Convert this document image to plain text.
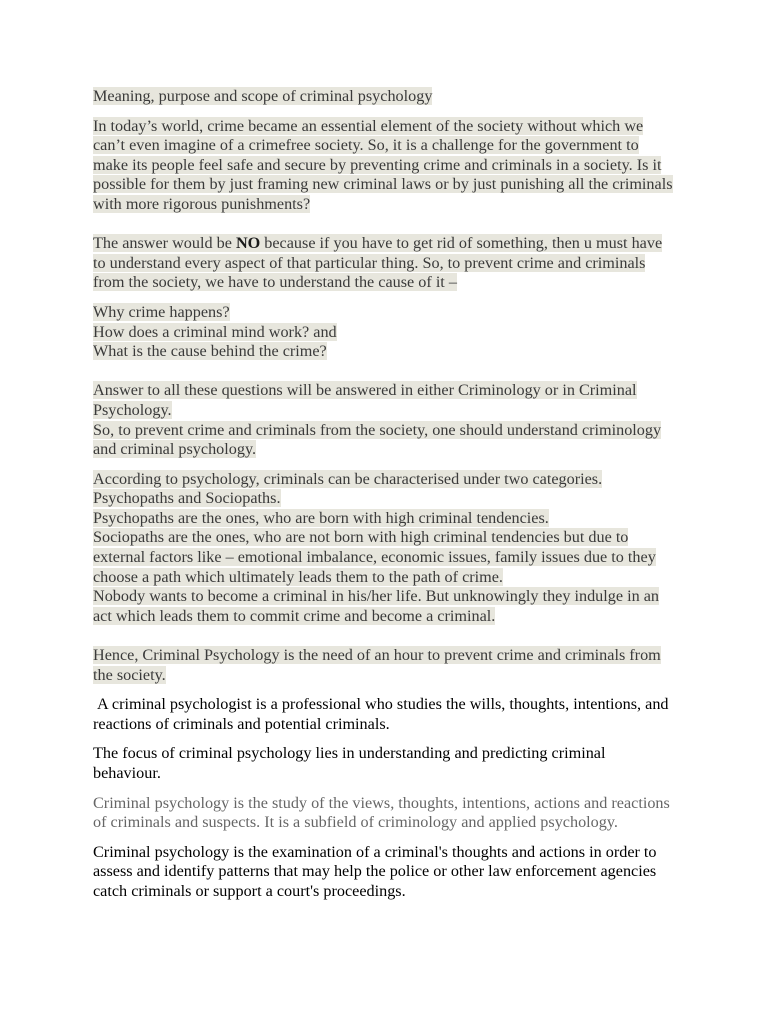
Meaning, purpose and scope of criminal psychology

In today’s world, crime became an essential element of the society without which we can’t even imagine of a crimefree society. So, it is a challenge for the government to make its people feel safe and secure by preventing crime and criminals in a society. Is it possible for them by just framing new criminal laws or by just punishing all the criminals with more rigorous punishments?

The answer would be NO because if you have to get rid of something, then u must have to understand every aspect of that particular thing. So, to prevent crime and criminals from the society, we have to understand the cause of it –

Why crime happens?

How does a criminal mind work? and

What is the cause behind the crime?

Answer to all these questions will be answered in either Criminology or in Criminal Psychology.

So, to prevent crime and criminals from the society, one should understand criminology and criminal psychology.

According to psychology, criminals can be characterised under two categories.

Psychopaths and Sociopaths.

Psychopaths are the ones, who are born with high criminal tendencies.

Sociopaths are the ones, who are not born with high criminal tendencies but due to external factors like – emotional imbalance, economic issues, family issues due to they choose a path which ultimately leads them to the path of crime.

Nobody wants to become a criminal in his/her life. But unknowingly they indulge in an act which leads them to commit crime and become a criminal.

Hence, Criminal Psychology is the need of an hour to prevent crime and criminals from the society.

A criminal psychologist is a professional who studies the wills, thoughts, intentions, and reactions of criminals and potential criminals.

The focus of criminal psychology lies in understanding and predicting criminal behaviour.

Criminal psychology is the study of the views, thoughts, intentions, actions and reactions of criminals and suspects. It is a subfield of criminology and applied psychology.

Criminal psychology is the examination of a criminal's thoughts and actions in order to assess and identify patterns that may help the police or other law enforcement agencies catch criminals or support a court's proceedings.
